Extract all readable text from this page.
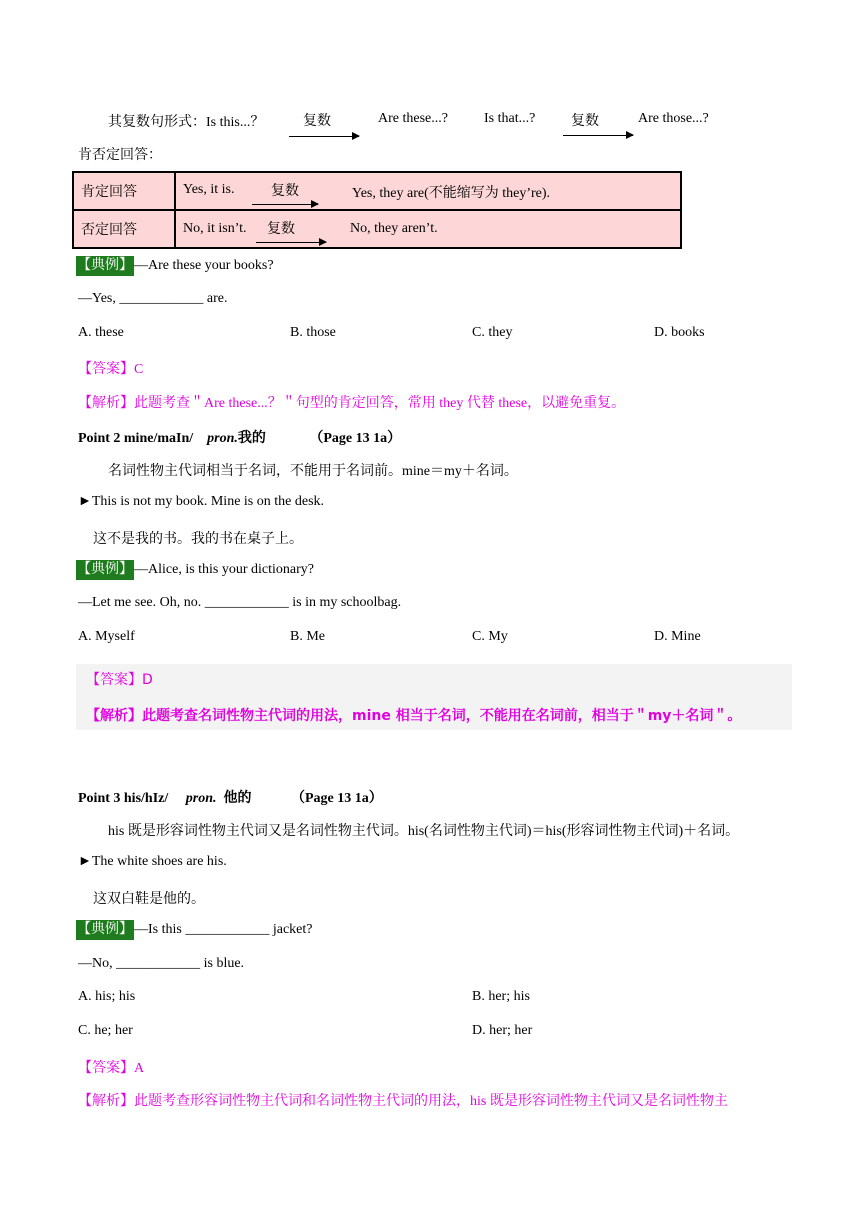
其复数句形式：Is this...？	复数	Are these...?	Is that...?	复数	Are those...?
肯否定回答：
肯定回答	Yes, it is. 复数 Yes, they are(不能缩写为 they’re).

否定回答	No, it isn’t. 复数 No, they aren’t.
【典例】—Are these your books?
—Yes, ____________ are.
A. these	B. those	C. they	D. books
【答案】C
【解析】此题考查＂Are these...？＂句型的肯定回答，常用 they 代替 these，以避免重复。
Point 2 mine/maIn/ pron.我的	（Page 13 1a）
名词性物主代词相当于名词，不能用于名词前。mine＝my＋名词。
►This is not my book. Mine is on the desk.
这不是我的书。我的书在桌子上。
【典例】—Alice, is this your dictionary?
—Let me see. Oh, no. ____________ is in my schoolbag.
A. Myself	B. Me	C. My	D. Mine
【答案】D
【解析】此题考查名词性物主代词的用法，mine 相当于名词，不能用在名词前，相当于＂my＋名词＂。
Point 3 his/hIz/ pron. 他的	（Page 13 1a）
his 既是形容词性物主代词又是名词性物主代词。his(名词性物主代词)＝his(形容词性物主代词)＋名词。
►The white shoes are his.
这双白鞋是他的。
【典例】—Is this ____________ jacket?
—No, ____________ is blue.
A. his; his	B. her; his
C. he; her	D. her; her
【答案】A
【解析】此题考查形容词性物主代词和名词性物主代词的用法，his 既是形容词性物主代词又是名词性物主
